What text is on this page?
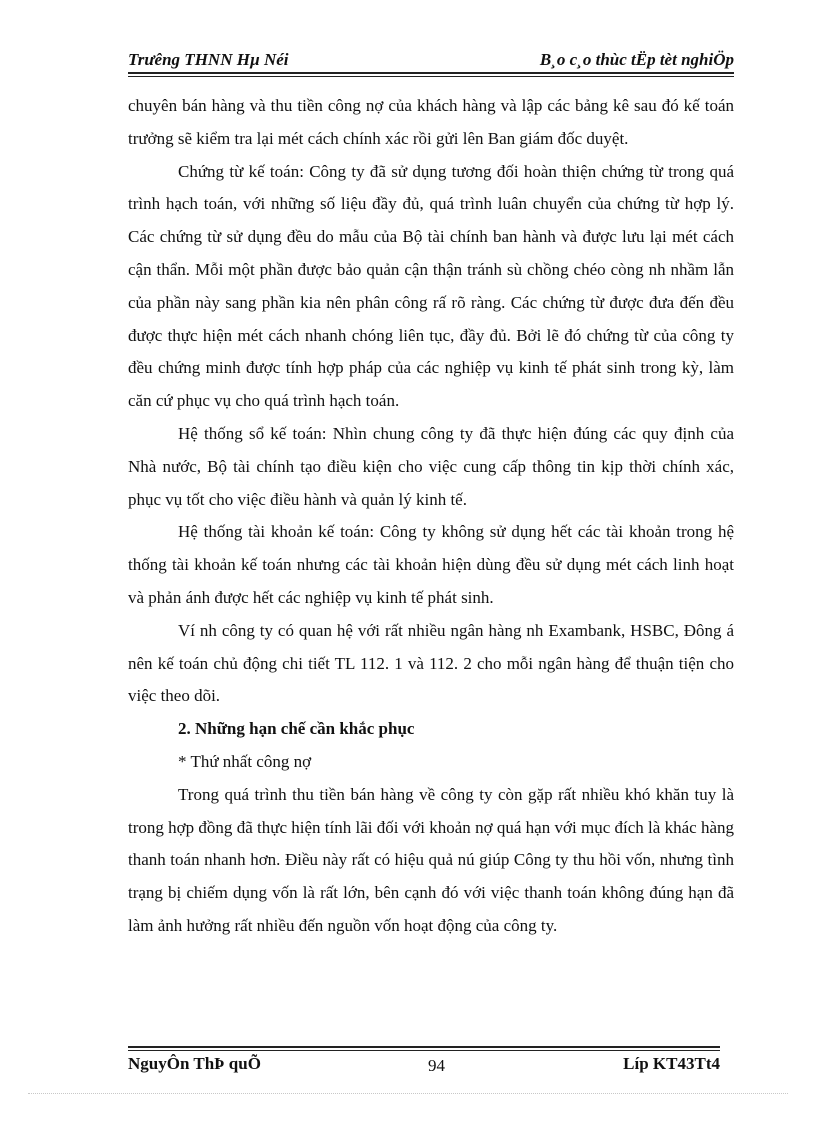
Trưêng THNN Hµ Néi	B¸o c¸o thùc tËp tèt nghiÖp

chuyên bán hàng và thu tiền công nợ của khách hàng và lập các bảng kê sau đó kế toán trưởng sẽ kiểm tra lại mét cách chính xác rồi gửi lên Ban giám đốc duyệt.

Chứng từ kế toán: Công ty đã sử dụng tương đối hoàn thiện chứng từ trong quá trình hạch toán, với những số liệu đầy đủ, quá trình luân chuyển của chứng từ hợp lý. Các chứng từ sử dụng đều do mẫu của Bộ tài chính ban hành và được lưu lại mét cách cận thẩn. Mỗi một phần được bảo quản cận thận tránh sù chồng chéo còng nh nhầm lẫn của phần này sang phần kia nên phân công rấ rõ ràng. Các chứng từ được đưa đến đều được thực hiện mét cách nhanh chóng liên tục, đầy đủ. Bởi lẽ đó chứng từ của công ty đều chứng minh được tính hợp pháp của các nghiệp vụ kinh tế phát sinh trong kỳ, làm căn cứ phục vụ cho quá trình hạch toán.

Hệ thống sổ kế toán: Nhìn chung công ty đã thực hiện đúng các quy định của Nhà nước, Bộ tài chính tạo điều kiện cho việc cung cấp thông tin kịp thời chính xác, phục vụ tốt cho việc điều hành và quản lý kinh tế.

Hệ thống tài khoản kế toán: Công ty không sử dụng hết các tài khoản trong hệ thống tài khoản kế toán nhưng các tài khoản hiện dùng đều sử dụng mét cách linh hoạt và phản ánh được hết các nghiệp vụ kinh tế phát sinh.

Ví nh công ty có quan hệ với rất nhiều ngân hàng nh Exambank, HSBC, Đông á nên kế toán chủ động chi tiết TL 112. 1 và 112. 2 cho mỗi ngân hàng để thuận tiện cho việc theo dõi.

2. Những hạn chế cần khắc phục

* Thứ nhất công nợ

Trong quá trình thu tiền bán hàng về công ty còn gặp rất nhiều khó khăn tuy là trong hợp đồng đã thực hiện tính lãi đối với khoản nợ quá hạn với mục đích là khác hàng thanh toán nhanh hơn. Điều này rất có hiệu quả nú giúp Công ty thu hồi vốn, nhưng tình trạng bị chiếm dụng vốn là rất lớn, bên cạnh đó với việc thanh toán không đúng hạn đã làm ảnh hưởng rất nhiều đến nguồn vốn hoạt động của công ty.

NguyÔn ThÞ quÕ	94	Líp KT43Tt4
